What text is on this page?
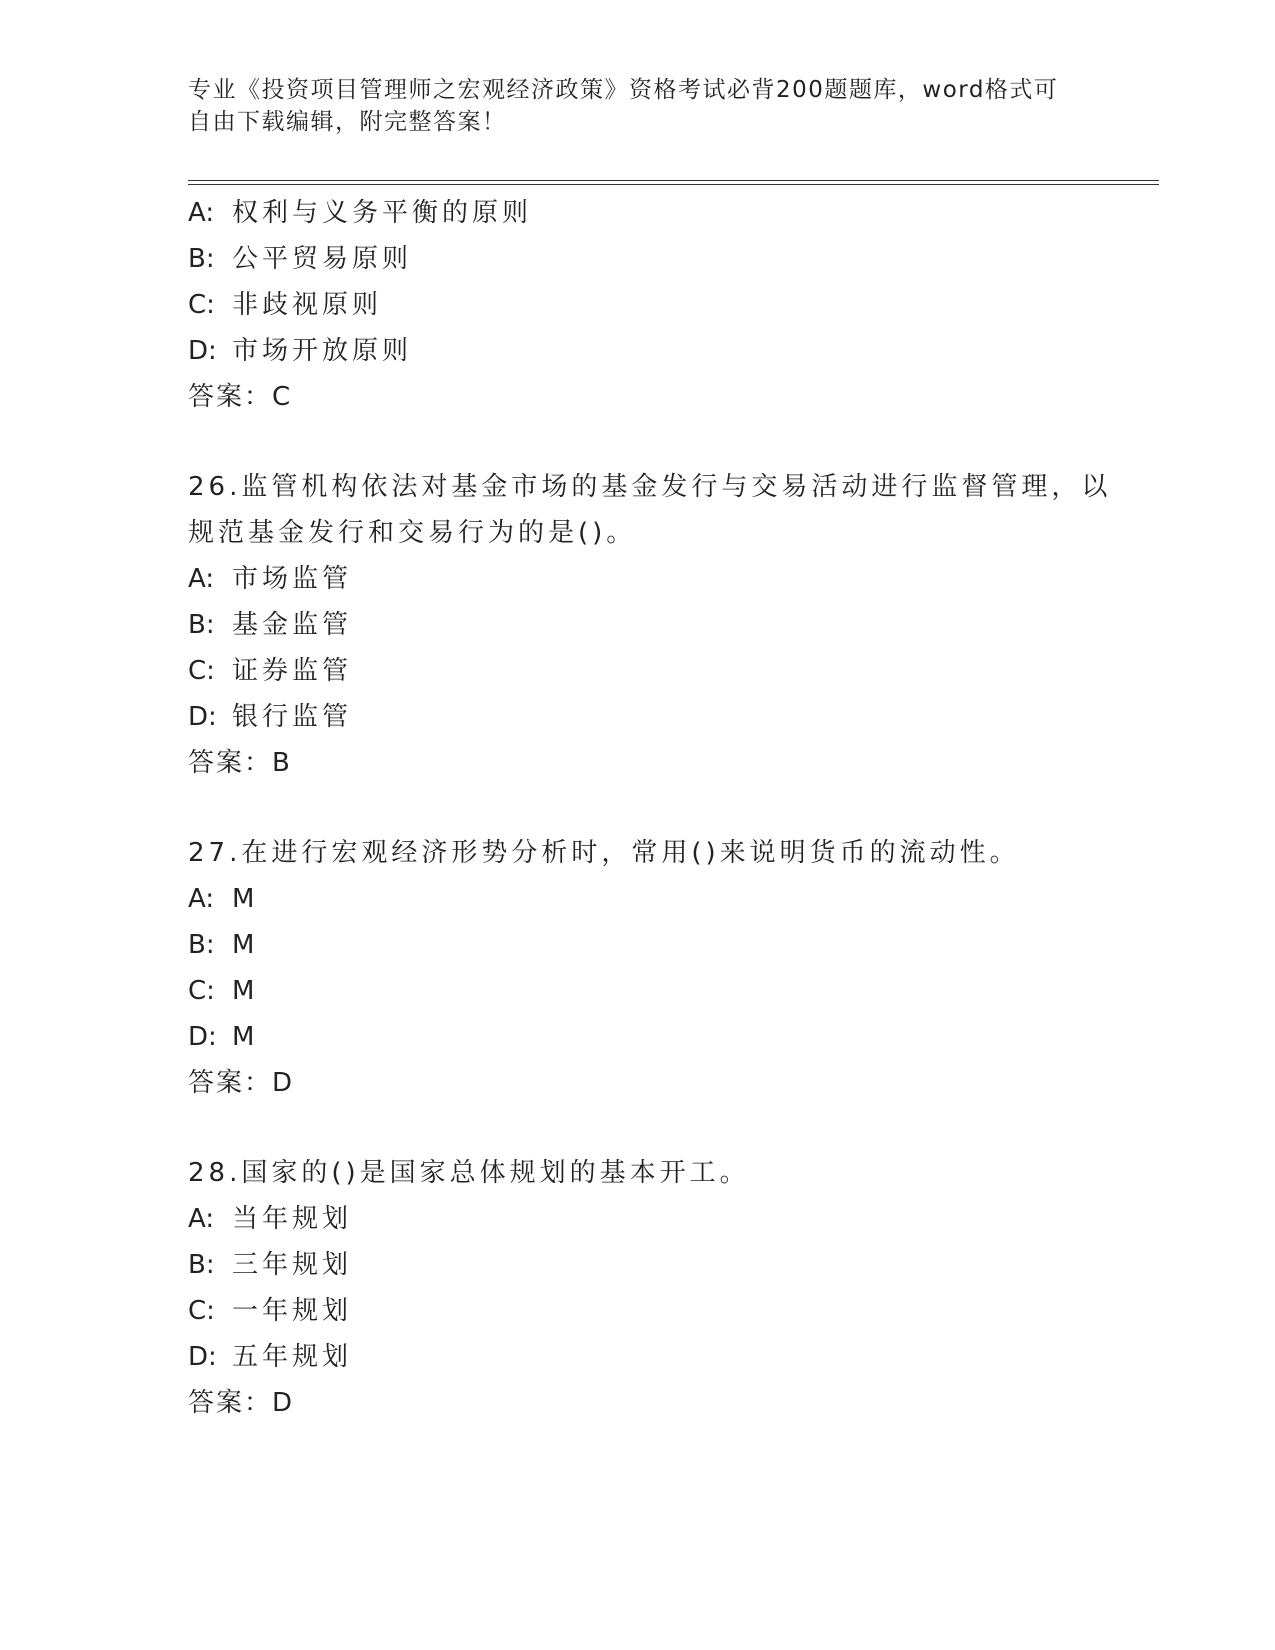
专业《投资项目管理师之宏观经济政策》资格考试必背200题题库，word格式可
自由下载编辑，附完整答案！
A: 权利与义务平衡的原则
B: 公平贸易原则
C: 非歧视原则
D: 市场开放原则
答案：C
26.监管机构依法对基金市场的基金发行与交易活动进行监督管理，以
规范基金发行和交易行为的是()。
A: 市场监管
B: 基金监管
C: 证券监管
D: 银行监管
答案：B
27.在进行宏观经济形势分析时，常用()来说明货币的流动性。
A: M
B: M
C: M
D: M
答案：D
28.国家的()是国家总体规划的基本开工。
A: 当年规划
B: 三年规划
C: 一年规划
D: 五年规划
答案：D
